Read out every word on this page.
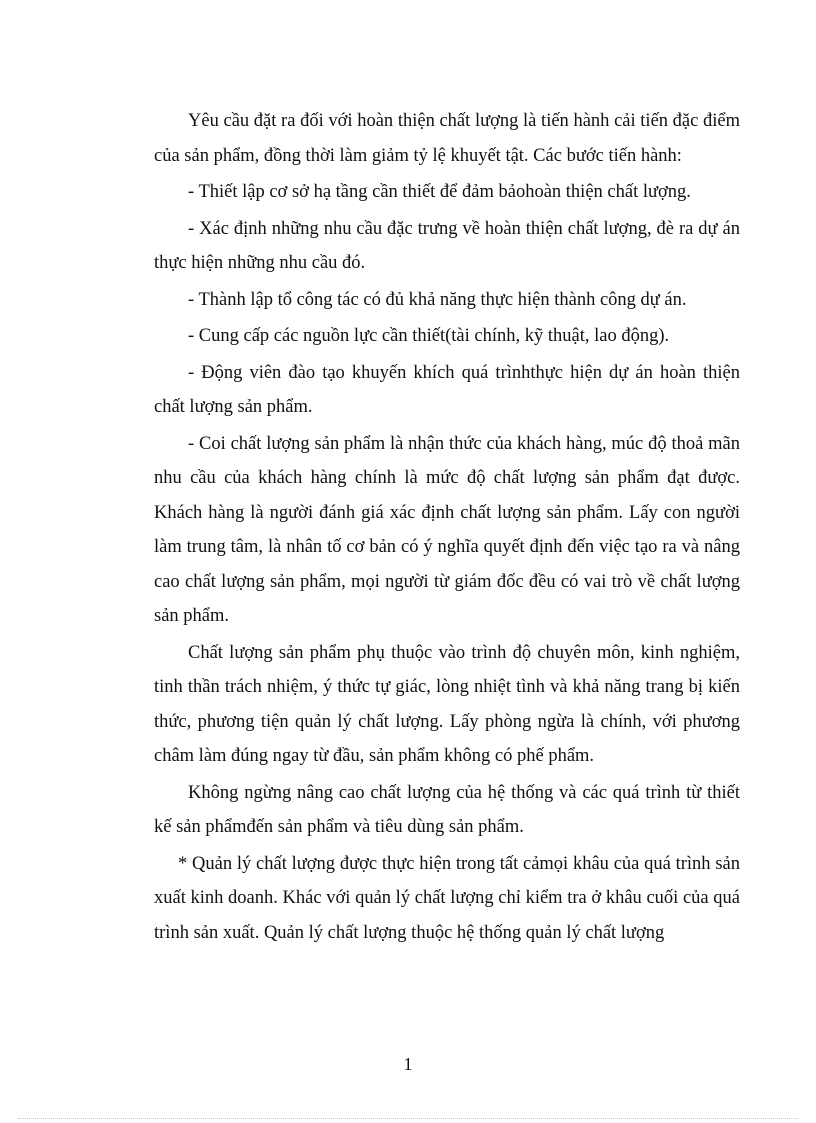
Yêu cầu đặt ra đối với hoàn thiện chất lượng là tiến hành cải tiến đặc điểm của sản phẩm, đồng thời làm giảm tỷ lệ khuyết tật. Các bước tiến hành:

- Thiết lập cơ sở hạ tầng cần thiết để đảm bảohoàn thiện chất lượng.

- Xác định những nhu cầu đặc trưng về hoàn thiện chất lượng, đè ra dự án thực hiện những nhu cầu đó.

- Thành lập tổ công tác có đủ khả năng thực hiện thành công dự án.

- Cung cấp các nguồn lực cần thiết(tài chính, kỹ thuật, lao động).

- Động viên đào tạo khuyến khích quá trìnhthực hiện dự án hoàn thiện chất lượng sản phẩm.

- Coi chất lượng sản phẩm là nhận thức của khách hàng, múc độ thoả mãn nhu cầu của khách hàng chính là mức độ chất lượng sản phẩm đạt được. Khách hàng là người đánh giá xác định chất lượng sản phẩm. Lấy con người làm trung tâm, là nhân tố cơ bản có ý nghĩa quyết định đến việc tạo ra và nâng cao chất lượng sản phẩm, mọi người từ giám đốc đều có vai trò về chất lượng sản phẩm.

Chất lượng sản phẩm phụ thuộc vào trình độ chuyên môn, kinh nghiệm, tinh thần trách nhiệm, ý thức tự giác, lòng nhiệt tình và khả năng trang bị kiến thức, phương tiện quản lý chất lượng. Lấy phòng ngừa là chính, với phương châm làm đúng ngay từ đầu, sản phẩm không có phế phẩm.

Không ngừng nâng cao chất lượng của hệ thống và các quá trình từ thiết kế sản phẩmđến sản phẩm và tiêu dùng sản phẩm.

* Quản lý chất lượng được thực hiện trong tất cảmọi khâu của quá trình sản xuất kinh doanh. Khác với quản lý chất lượng chỉ kiểm tra ở khâu cuối của quá trình sản xuất. Quản lý chất lượng thuộc hệ thống quản lý chất lượng

1
